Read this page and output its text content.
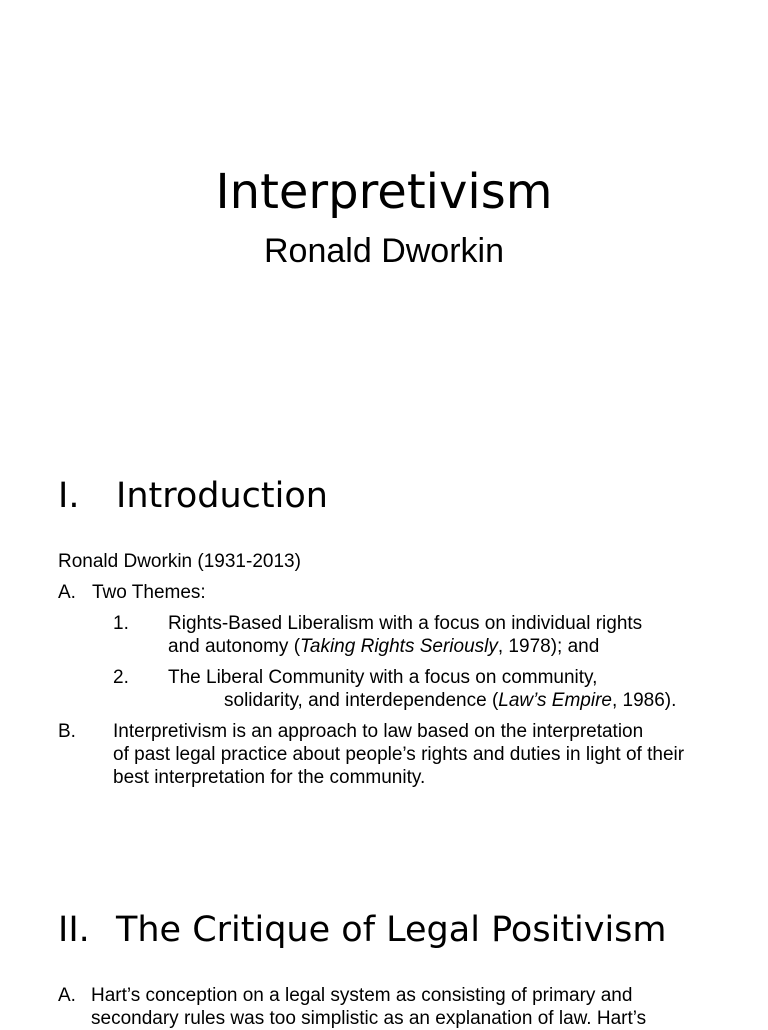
Interpretivism
Ronald Dworkin
I. Introduction
Ronald Dworkin (1931-2013)
A. Two Themes:
1. Rights-Based Liberalism with a focus on individual rights
and autonomy (Taking Rights Seriously, 1978); and
2. The Liberal Community with a focus on community,
solidarity, and interdependence (Law’s Empire, 1986).
B. Interpretivism is an approach to law based on the interpretation
of past legal practice about people’s rights and duties in light of their
best interpretation for the community.
II. The Critique of Legal Positivism
A. Hart’s conception on a legal system as consisting of primary and
secondary rules was too simplistic as an explanation of law. Hart’s
